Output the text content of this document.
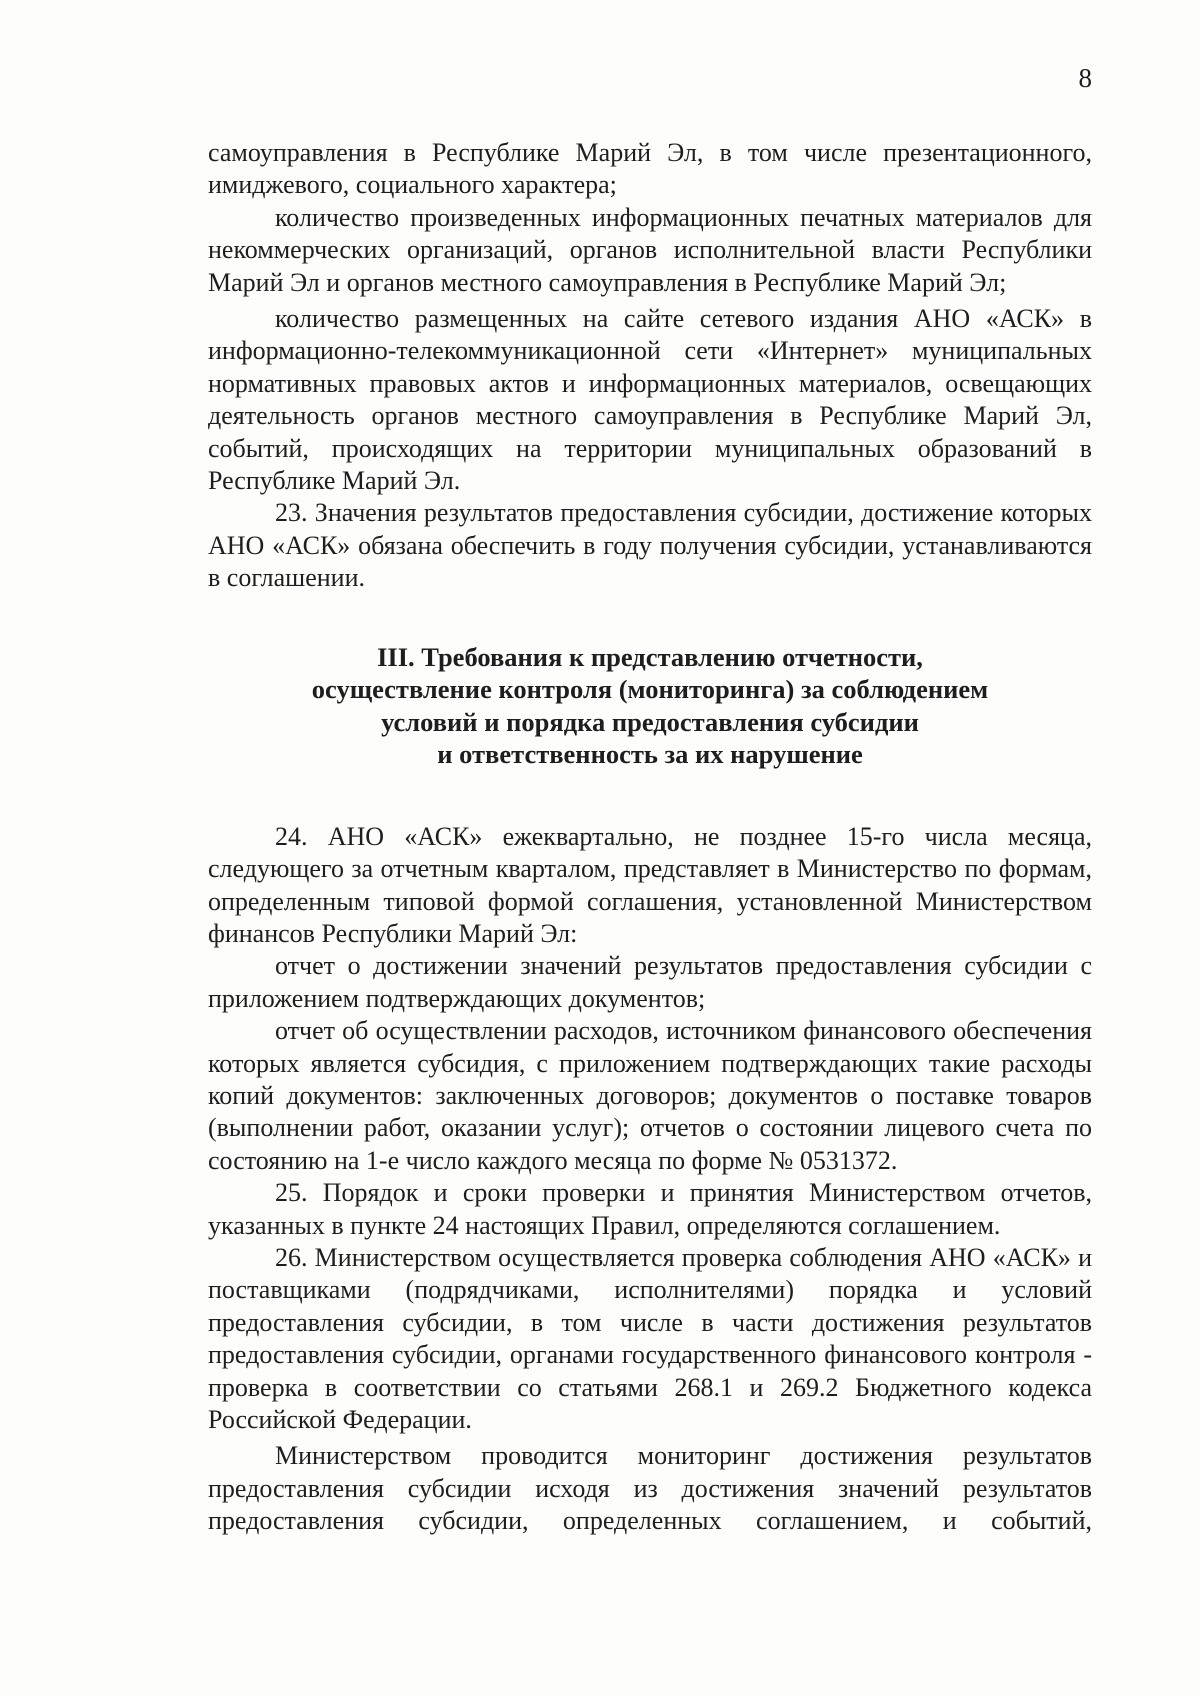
8

самоуправления в Республике Марий Эл, в том числе презентационного, имиджевого, социального характера;

количество произведенных информационных печатных материалов для некоммерческих организаций, органов исполнительной власти Республики Марий Эл и органов местного самоуправления в Республике Марий Эл;

количество размещенных на сайте сетевого издания АНО «АСК» в информационно-телекоммуникационной сети «Интернет» муниципальных нормативных правовых актов и информационных материалов, освещающих деятельность органов местного самоуправления в Республике Марий Эл, событий, происходящих на территории муниципальных образований в Республике Марий Эл.

23. Значения результатов предоставления субсидии, достижение которых АНО «АСК» обязана обеспечить в году получения субсидии, устанавливаются в соглашении.

III. Требования к представлению отчетности,
осуществление контроля (мониторинга) за соблюдением
условий и порядка предоставления субсидии
и ответственность за их нарушение

24. АНО «АСК» ежеквартально, не позднее 15-го числа месяца, следующего за отчетным кварталом, представляет в Министерство по формам, определенным типовой формой соглашения, установленной Министерством финансов Республики Марий Эл:

отчет о достижении значений результатов предоставления субсидии с приложением подтверждающих документов;

отчет об осуществлении расходов, источником финансового обеспечения которых является субсидия, с приложением подтверждающих такие расходы копий документов: заключенных договоров; документов о поставке товаров (выполнении работ, оказании услуг); отчетов о состоянии лицевого счета по состоянию на 1-е число каждого месяца по форме № 0531372.

25. Порядок и сроки проверки и принятия Министерством отчетов, указанных в пункте 24 настоящих Правил, определяются соглашением.

26. Министерством осуществляется проверка соблюдения АНО «АСК» и поставщиками (подрядчиками, исполнителями) порядка и условий предоставления субсидии, в том числе в части достижения результатов предоставления субсидии, органами государственного финансового контроля - проверка в соответствии со статьями 268.1 и 269.2 Бюджетного кодекса Российской Федерации.

Министерством проводится мониторинг достижения результатов предоставления субсидии исходя из достижения значений результатов предоставления субсидии, определенных соглашением, и событий,
